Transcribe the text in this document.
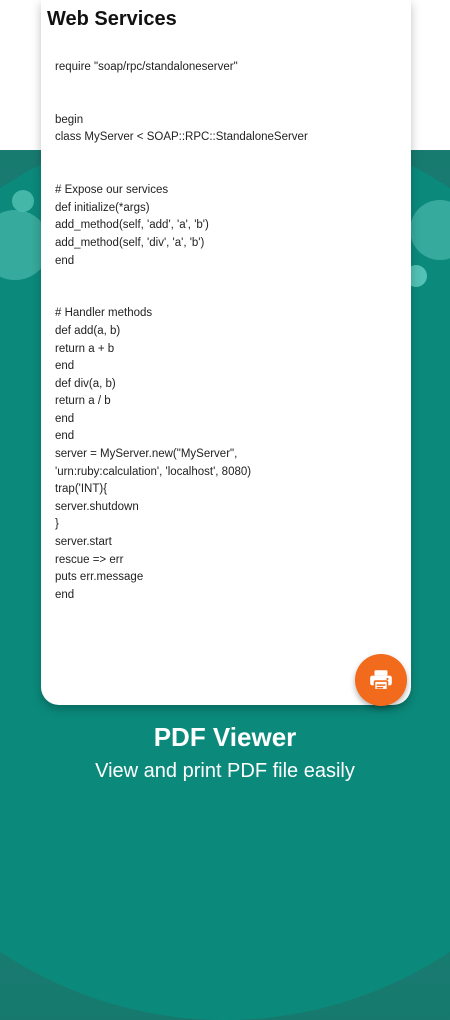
Web Services
require "soap/rpc/standaloneserver"
begin
class MyServer < SOAP::RPC::StandaloneServer
# Expose our services
def initialize(*args)
add_method(self, 'add', 'a', 'b')
add_method(self, 'div', 'a', 'b')
end
# Handler methods
def add(a, b)
return a + b
end
def div(a, b)
return a / b
end
end
server = MyServer.new("MyServer",
'urn:ruby:calculation', 'localhost', 8080)
trap('INT){
server.shutdown
}
server.start
rescue => err
puts err.message
end
PDF Viewer
View and print PDF file easily
